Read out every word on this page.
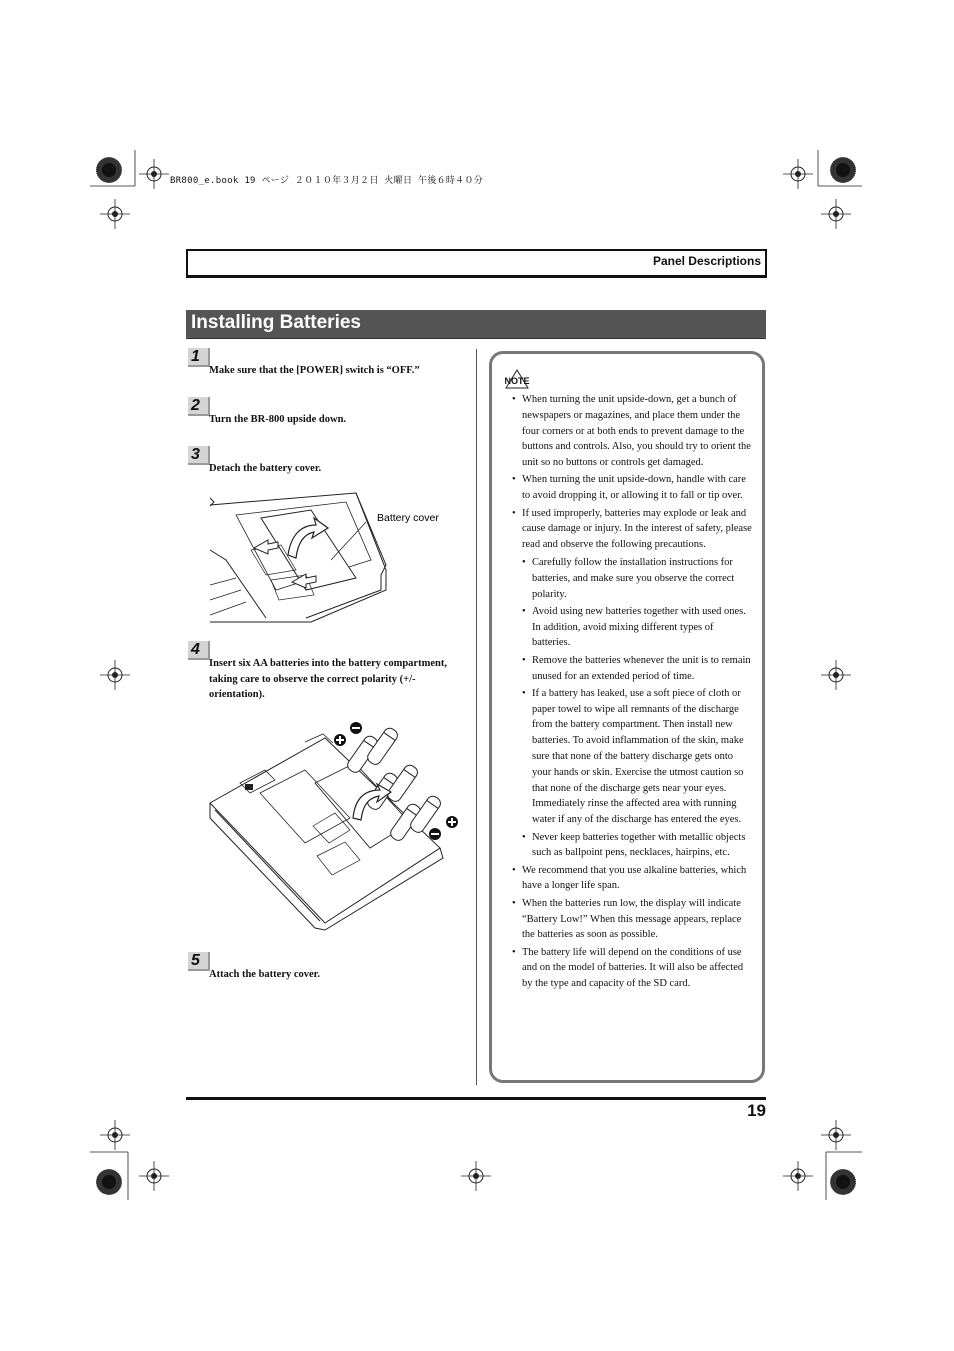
BR800_e.book 19 ページ ２０１０年３月２日 火曜日 午後６時４０分
Panel Descriptions
Installing Batteries
1
Make sure that the [POWER] switch is “OFF.”
2
Turn the BR-800 upside down.
3
Detach the battery cover.
Battery cover
4
Insert six AA batteries into the battery compartment, taking care to observe the correct polarity (+/- orientation).
5
Attach the battery cover.
NOTE
• When turning the unit upside-down, get a bunch of newspapers or magazines, and place them under the four corners or at both ends to prevent damage to the buttons and controls. Also, you should try to orient the unit so no buttons or controls get damaged.
• When turning the unit upside-down, handle with care to avoid dropping it, or allowing it to fall or tip over.
• If used improperly, batteries may explode or leak and cause damage or injury. In the interest of safety, please read and observe the following precautions.
• Carefully follow the installation instructions for batteries, and make sure you observe the correct polarity.
• Avoid using new batteries together with used ones. In addition, avoid mixing different types of batteries.
• Remove the batteries whenever the unit is to remain unused for an extended period of time.
• If a battery has leaked, use a soft piece of cloth or paper towel to wipe all remnants of the discharge from the battery compartment. Then install new batteries. To avoid inflammation of the skin, make sure that none of the battery discharge gets onto your hands or skin. Exercise the utmost caution so that none of the discharge gets near your eyes. Immediately rinse the affected area with running water if any of the discharge has entered the eyes.
• Never keep batteries together with metallic objects such as ballpoint pens, necklaces, hairpins, etc.
• We recommend that you use alkaline batteries, which have a longer life span.
• When the batteries run low, the display will indicate “Battery Low!” When this message appears, replace the batteries as soon as possible.
• The battery life will depend on the conditions of use and on the model of batteries. It will also be affected by the type and capacity of the SD card.
19
